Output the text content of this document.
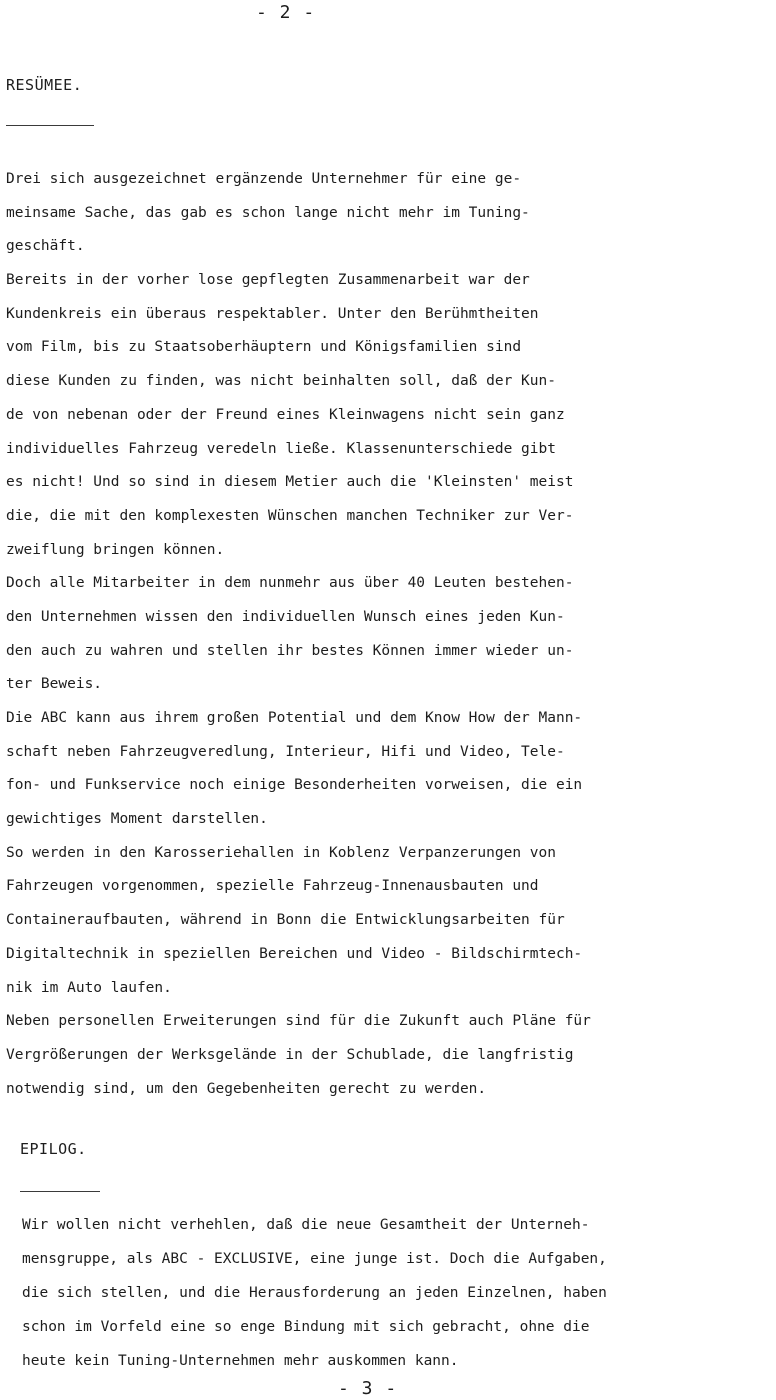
- 2 -
RESÜMEE.
Drei sich ausgezeichnet ergänzende Unternehmer für eine ge-
meinsame Sache, das gab es schon lange nicht mehr im Tuning-
geschäft.
Bereits in der vorher lose gepflegten Zusammenarbeit war der
Kundenkreis ein überaus respektabler. Unter den Berühmtheiten
vom Film, bis zu Staatsoberhäuptern und Königsfamilien sind
diese Kunden zu finden, was nicht beinhalten soll, daß der Kun-
de von nebenan oder der Freund eines Kleinwagens nicht sein ganz
individuelles Fahrzeug veredeln ließe. Klassenunterschiede gibt
es nicht! Und so sind in diesem Metier auch die 'Kleinsten' meist
die, die mit den komplexesten Wünschen manchen Techniker zur Ver-
zweiflung bringen können.
Doch alle Mitarbeiter in dem nunmehr aus über 40 Leuten bestehen-
den Unternehmen wissen den individuellen Wunsch eines jeden Kun-
den auch zu wahren und stellen ihr bestes Können immer wieder un-
ter Beweis.
Die ABC kann aus ihrem großen Potential und dem Know How der Mann-
schaft neben Fahrzeugveredlung, Interieur, Hifi und Video, Tele-
fon- und Funkservice noch einige Besonderheiten vorweisen, die ein
gewichtiges Moment darstellen.
So werden in den Karosseriehallen in Koblenz Verpanzerungen von
Fahrzeugen vorgenommen, spezielle Fahrzeug-Innenausbauten und
Containeraufbauten, während in Bonn die Entwicklungsarbeiten für
Digitaltechnik in speziellen Bereichen und Video - Bildschirmtech-
nik im Auto laufen.
Neben personellen Erweiterungen sind für die Zukunft auch Pläne für
Vergrößerungen der Werksgelände in der Schublade, die langfristig
notwendig sind, um den Gegebenheiten gerecht zu werden.
EPILOG.
Wir wollen nicht verhehlen, daß die neue Gesamtheit der Unterneh-
mensgruppe, als ABC - EXCLUSIVE, eine junge ist. Doch die Aufgaben,
die sich stellen, und die Herausforderung an jeden Einzelnen, haben
schon im Vorfeld eine so enge Bindung mit sich gebracht, ohne die
heute kein Tuning-Unternehmen mehr auskommen kann.
- 3 -
